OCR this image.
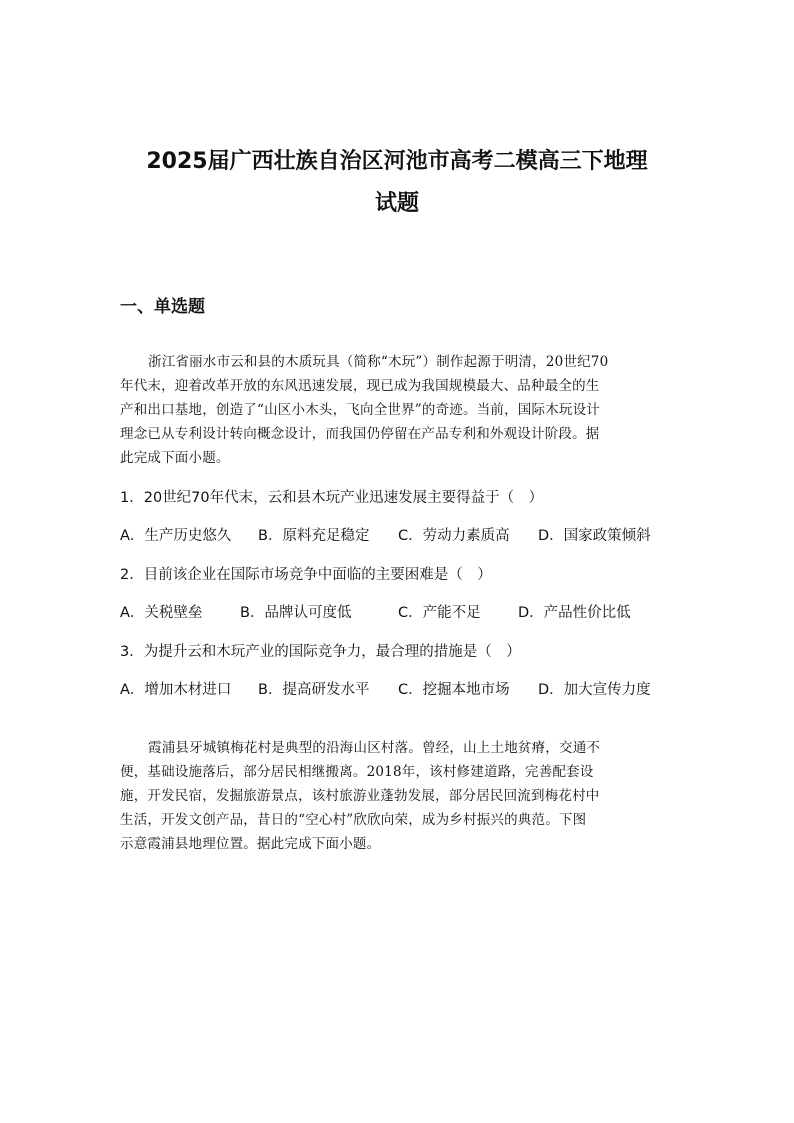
2025届广西壮族自治区河池市高考二模高三下地理
试题
一、单选题
浙江省丽水市云和县的木质玩具（简称“木玩”）制作起源于明清，20世纪70
年代末，迎着改革开放的东风迅速发展，现已成为我国规模最大、品种最全的生
产和出口基地，创造了“山区小木头，飞向全世界”的奇迹。当前，国际木玩设计
理念已从专利设计转向概念设计，而我国仍停留在产品专利和外观设计阶段。据
此完成下面小题。
1．20世纪70年代末，云和县木玩产业迅速发展主要得益于（　）
A．生产历史悠久 B．原料充足稳定 C．劳动力素质高 D．国家政策倾斜
2．目前该企业在国际市场竞争中面临的主要困难是（　）
A．关税壁垒	B．品牌认可度低	C．产能不足	D．产品性价比低
3．为提升云和木玩产业的国际竞争力，最合理的措施是（　）
A．增加木材进口 B．提高研发水平 C．挖掘本地市场 D．加大宣传力度
霞浦县牙城镇梅花村是典型的沿海山区村落。曾经，山上土地贫瘠，交通不
便，基础设施落后，部分居民相继搬离。2018年，该村修建道路，完善配套设
施，开发民宿，发掘旅游景点，该村旅游业蓬勃发展，部分居民回流到梅花村中
生活，开发文创产品，昔日的“空心村”欣欣向荣，成为乡村振兴的典范。下图
示意霞浦县地理位置。据此完成下面小题。
